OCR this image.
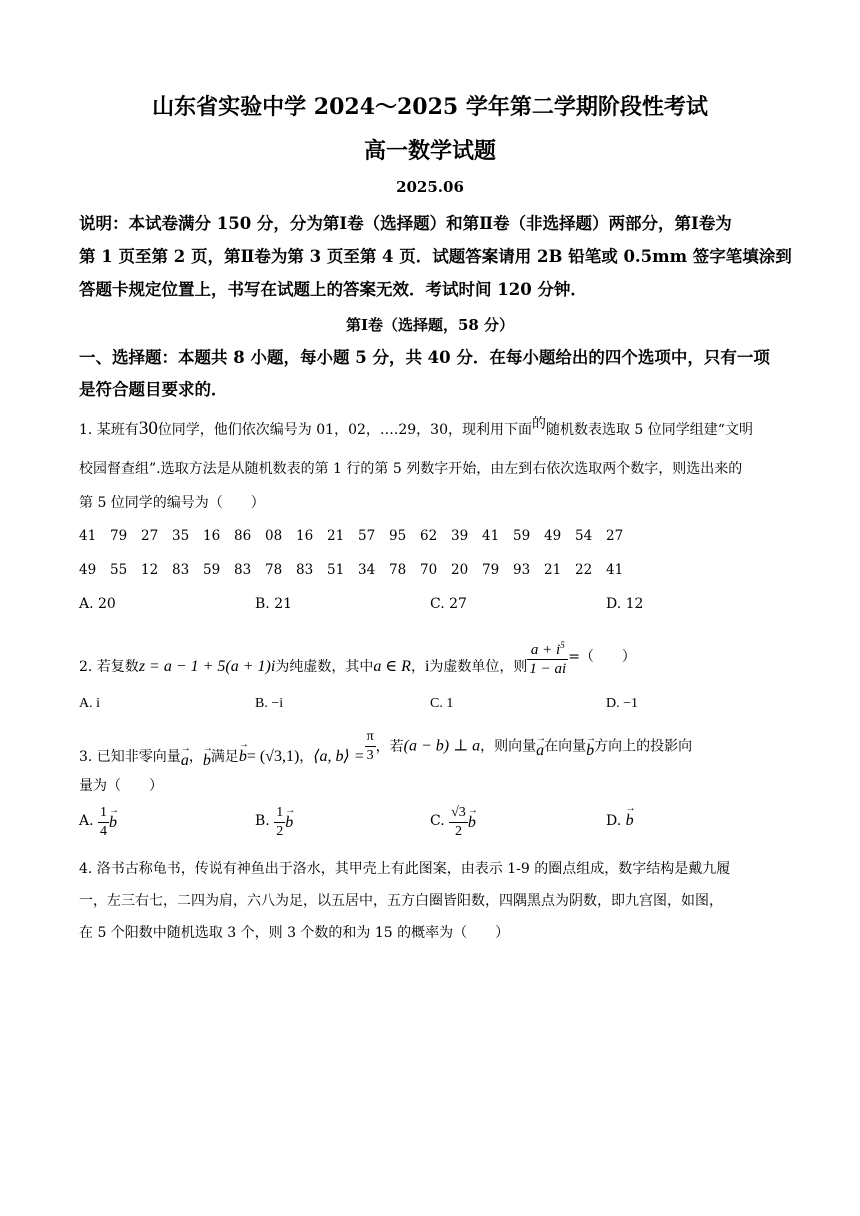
山东省实验中学 2024～2025 学年第二学期阶段性考试
高一数学试题
2025.06
说明：本试卷满分 150 分，分为第Ⅰ卷（选择题）和第Ⅱ卷（非选择题）两部分，第Ⅰ卷为
第 1 页至第 2 页，第Ⅱ卷为第 3 页至第 4 页．试题答案请用 2B 铅笔或 0.5mm 签字笔填涂到
答题卡规定位置上，书写在试题上的答案无效．考试时间 120 分钟．
第Ⅰ卷（选择题，58 分）
一、选择题：本题共 8 小题，每小题 5 分，共 40 分．在每小题给出的四个选项中，只有一项
是符合题目要求的．
1. 某班有30位同学，他们依次编号为 01，02，….29，30，现利用下面的随机数表选取 5 位同学组建“文明
校园督查组”.选取方法是从随机数表的第 1 行的第 5 列数字开始，由左到右依次选取两个数字，则选出来的
第 5 位同学的编号为（　　）
41 79 27 35 16 86 08 16 21 57 95 62 39 41 59 49 54 27
49 55 12 83 59 83 78 83 51 34 78 70 20 79 93 21 22 41
A. 20	B. 21	C. 27	D. 12
2. 若复数z = a − 1 + 5(a + 1)i为纯虚数，其中a ∈ R，i为虚数单位，则 $\frac{a + i^5}{1 - ai}$ =（　　）
A. i	B. −i	C. 1	D. −1
3. 已知非零向量→ a，→ b满足→ b= (√3,1)，⟨a, b⟩ = $\frac{\pi}{3}$ ，若(a − b) ⊥ a，则向量→ a在向量→ b方向上的投影向
量为（　　）
A. $\frac{1}{4}$
→ b	B. $\frac{1}{2}$
→ b	C. $\frac{√3}{2}$
→ b	D. → b
4. 洛书古称龟书，传说有神鱼出于洛水，其甲壳上有此图案，由表示 1-9 的圈点组成，数字结构是戴九履
一，左三右七，二四为肩，六八为足，以五居中，五方白圈皆阳数，四隅黑点为阴数，即九宫图，如图，
在 5 个阳数中随机选取 3 个，则 3 个数的和为 15 的概率为（　　）
